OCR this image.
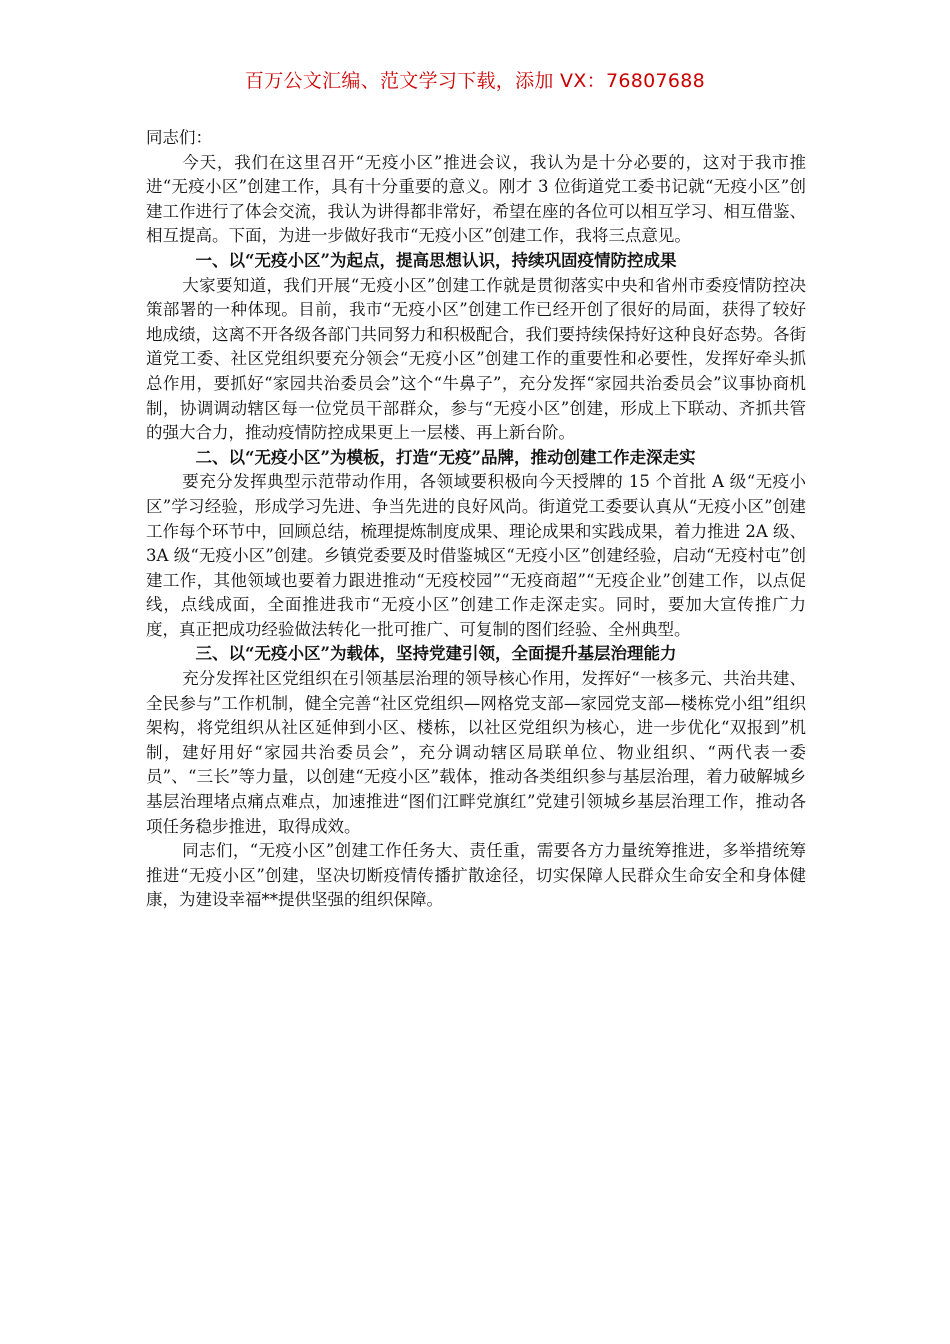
百万公文汇编、范文学习下载，添加 VX：76807688

同志们：

今天，我们在这里召开“无疫小区”推进会议，我认为是十分必要的，这对于我市推进“无疫小区”创建工作，具有十分重要的意义。刚才 3 位街道党工委书记就“无疫小区”创建工作进行了体会交流，我认为讲得都非常好，希望在座的各位可以相互学习、相互借鉴、相互提高。下面，为进一步做好我市“无疫小区”创建工作，我将三点意见。

一、以“无疫小区”为起点，提高思想认识，持续巩固疫情防控成果

大家要知道，我们开展“无疫小区”创建工作就是贯彻落实中央和省州市委疫情防控决策部署的一种体现。目前，我市“无疫小区”创建工作已经开创了很好的局面，获得了较好地成绩，这离不开各级各部门共同努力和积极配合，我们要持续保持好这种良好态势。各街道党工委、社区党组织要充分领会“无疫小区”创建工作的重要性和必要性，发挥好牵头抓总作用，要抓好“家园共治委员会”这个“牛鼻子”，充分发挥“家园共治委员会”议事协商机制，协调调动辖区每一位党员干部群众，参与“无疫小区”创建，形成上下联动、齐抓共管的强大合力，推动疫情防控成果更上一层楼、再上新台阶。

二、以“无疫小区”为模板，打造“无疫”品牌，推动创建工作走深走实

要充分发挥典型示范带动作用，各领域要积极向今天授牌的 15 个首批 A 级“无疫小区”学习经验，形成学习先进、争当先进的良好风尚。街道党工委要认真从“无疫小区”创建工作每个环节中，回顾总结，梳理提炼制度成果、理论成果和实践成果，着力推进 2A 级、3A 级“无疫小区”创建。乡镇党委要及时借鉴城区“无疫小区”创建经验，启动“无疫村屯”创建工作，其他领域也要着力跟进推动“无疫校园”“无疫商超”“无疫企业”创建工作，以点促线，点线成面，全面推进我市“无疫小区”创建工作走深走实。同时，要加大宣传推广力度，真正把成功经验做法转化一批可推广、可复制的图们经验、全州典型。

三、以“无疫小区”为载体，坚持党建引领，全面提升基层治理能力

充分发挥社区党组织在引领基层治理的领导核心作用，发挥好“一核多元、共治共建、全民参与”工作机制，健全完善“社区党组织—网格党支部—家园党支部—楼栋党小组”组织架构，将党组织从社区延伸到小区、楼栋，以社区党组织为核心，进一步优化“双报到”机制，建好用好“家园共治委员会”，充分调动辖区局联单位、物业组织、“两代表一委员”、“三长”等力量，以创建“无疫小区”载体，推动各类组织参与基层治理，着力破解城乡基层治理堵点痛点难点，加速推进“图们江畔党旗红”党建引领城乡基层治理工作，推动各项任务稳步推进，取得成效。

同志们，“无疫小区”创建工作任务大、责任重，需要各方力量统筹推进，多举措统筹推进“无疫小区”创建，坚决切断疫情传播扩散途径，切实保障人民群众生命安全和身体健康，为建设幸福**提供坚强的组织保障。
